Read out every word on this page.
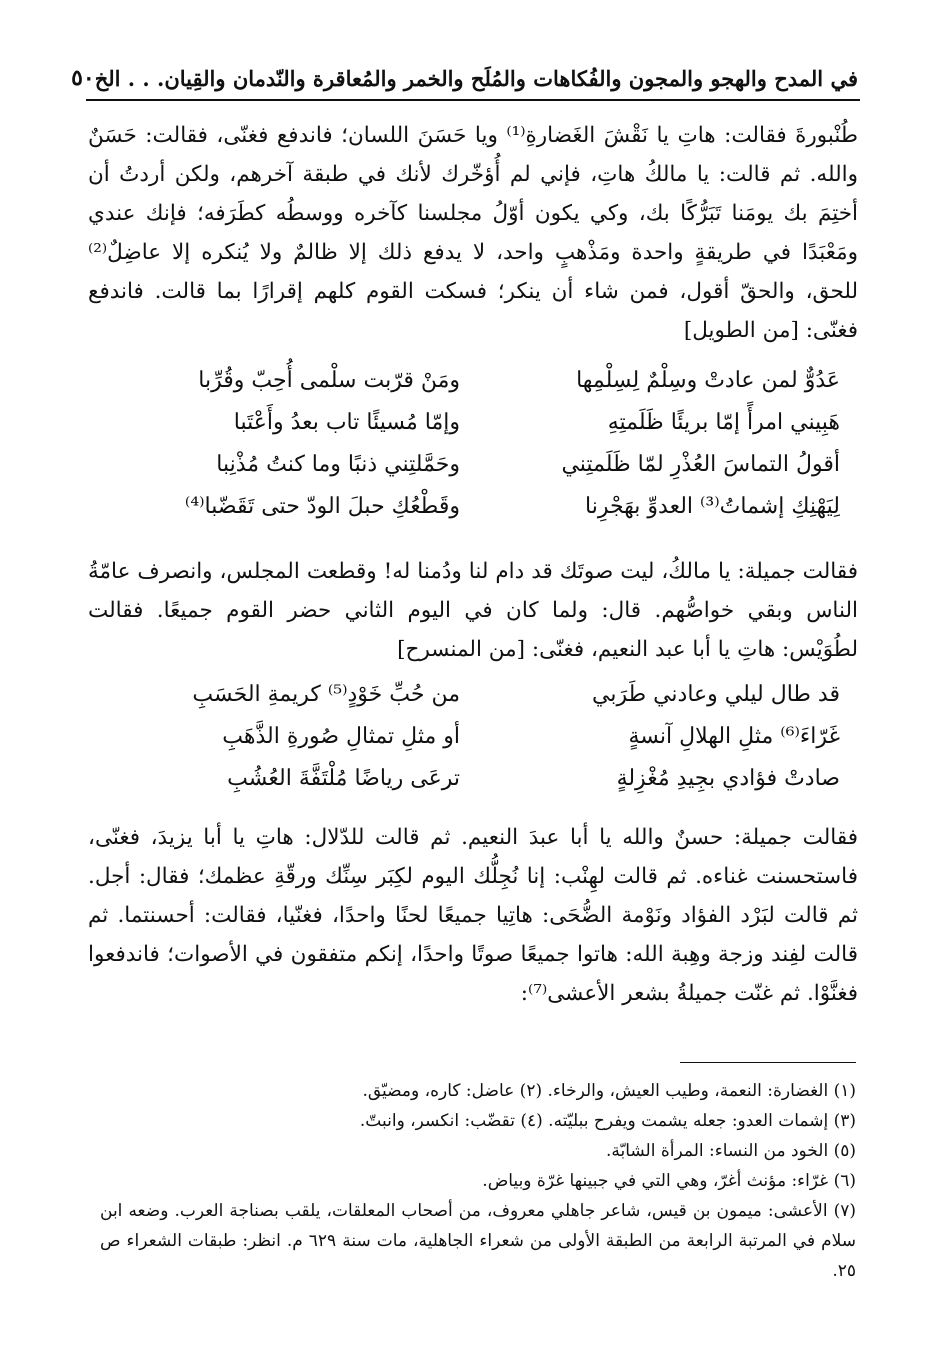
في المدح والهجو والمجون والفُكاهات والمُلَح والخمر والمُعاقرة والنّدمان والقِيان. . . الخ
٥٠

طُنْبورةَ فقالت: هاتِ يا نَقْشَ الغَضارةِ⁽¹⁾ ويا حَسَنَ اللسان؛ فاندفع فغنّى، فقالت: حَسَنٌ والله. ثم قالت: يا مالكُ هاتِ، فإني لم أُؤخّرك لأنك في طبقة آخرهم، ولكن أردتُ أن أختِمَ بك يومَنا تَبَرُّكًا بك، وكي يكون أوّلُ مجلسنا كآخره ووسطُه كطَرَفه؛ فإنك عندي ومَعْبَدًا في طريقةٍ واحدة ومَذْهبٍ واحد، لا يدفع ذلك إلا ظالمٌ ولا يُنكره إلا عاضِلٌ⁽²⁾ للحق، والحقّ أقول، فمن شاء أن ينكر؛ فسكت القوم كلهم إقرارًا بما قالت. فاندفع فغنّى: [من الطويل]

عَدُوٌّ لمن عادتْ وسِلْمٌ لِسِلْمِها
ومَنْ قرّبت سلْمى أُحِبّ وقُرِّبا
هَبِيني امرأً إمّا بريئًا ظَلَمتِهِ
وإمّا مُسيئًا تاب بعدُ وأَعْتَبا
أقولُ التماسَ العُذْرِ لمّا ظَلَمتِني
وحَمَّلتِني ذنبًا وما كنتُ مُذْنِبا
لِيَهْنِكِ إشماتُ⁽³⁾ العدوِّ بهَجْرِنا
وقَطْعُكِ حبلَ الودّ حتى تَقَضّبا⁽⁴⁾

فقالت جميلة: يا مالكُ، ليت صوتَك قد دام لنا ودُمنا له! وقطعت المجلس، وانصرف عامّةُ الناس وبقي خواصُّهم. قال: ولما كان في اليوم الثاني حضر القوم جميعًا. فقالت لطُوَيْس: هاتِ يا أبا عبد النعيم، فغنّى: [من المنسرح]

قد طال ليلي وعادني طَرَبي
من حُبِّ خَوْدٍ⁽⁵⁾ كريمةِ الحَسَبِ
غَرّاءَ⁽⁶⁾ مثلِ الهلالِ آنسةٍ
أو مثلِ تمثالِ صُورةِ الذَّهَبِ
صادتْ فؤادي بجِيدِ مُغْزِلةٍ
ترعَى رياضًا مُلْتَفَّةَ العُشُبِ

فقالت جميلة: حسنٌ والله يا أبا عبدَ النعيم. ثم قالت للدّلال: هاتِ يا أبا يزيدَ، فغنّى، فاستحسنت غناءه. ثم قالت لهِنْب: إنا نُجِلُّك اليوم لكِبَر سِنِّك ورقّةِ عظمك؛ فقال: أجل. ثم قالت لبَرْد الفؤاد ونَوْمة الضُّحَى: هاتِيا جميعًا لحنًا واحدًا، فغنّيا، فقالت: أحسنتما. ثم قالت لفِند وزجة وهِبة الله: هاتوا جميعًا صوتًا واحدًا، إنكم متفقون في الأصوات؛ فاندفعوا فغنَّوْا. ثم غنّت جميلةُ بشعر الأعشى⁽⁷⁾:

(١) الغضارة: النعمة، وطيب العيش، والرخاء. (٢) عاضل: كاره، ومضيّق.

(٣) إشمات العدو: جعله يشمت ويفرح ببليّته. (٤) تقضّب: انكسر، وانبتّ.

(٥) الخود من النساء: المرأة الشابّة.

(٦) غرّاء: مؤنث أغرّ، وهي التي في جبينها غرّة وبياض.

(٧) الأعشى: ميمون بن قيس، شاعر جاهلي معروف، من أصحاب المعلقات، يلقب بصناجة العرب. وضعه ابن سلام في المرتبة الرابعة من الطبقة الأولى من شعراء الجاهلية، مات سنة ٦٢٩ م. انظر: طبقات الشعراء ص ٢٥.
